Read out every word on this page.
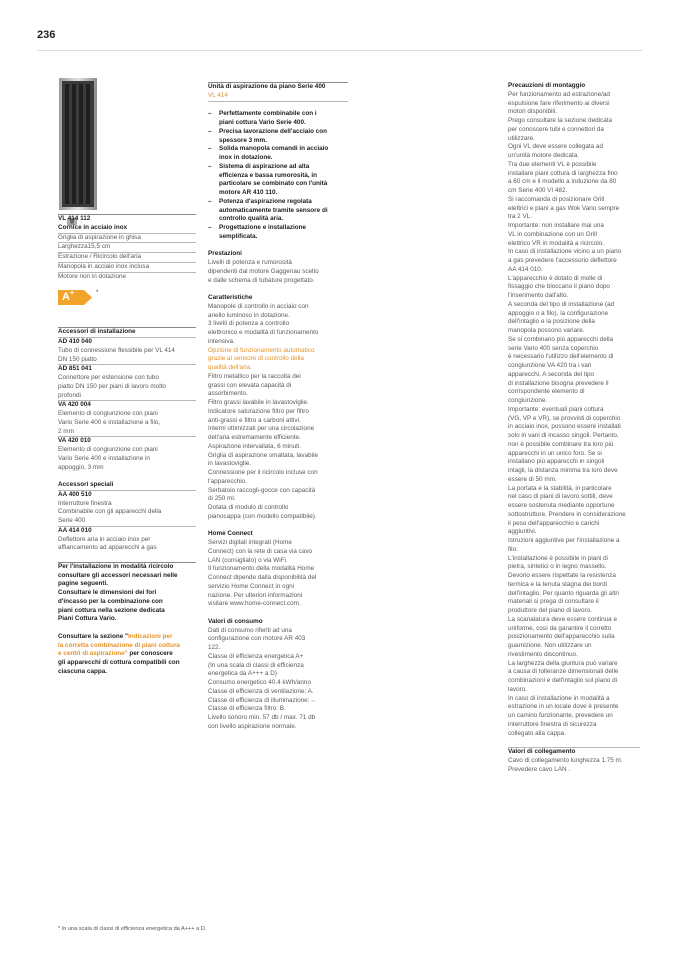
236

VL 414 112

Cornice in acciaio inox

Griglia di aspirazione in ghisa

Larghezza15,5 cm

Estrazione / Ricircolo dell'aria

Manopola in acciaio inox inclusa

Motore non in dotazione

A +	*

Accessori di installazione

AD 410 040

Tubo di connessione flessibile per VL 414

DN 150 piatto

AD 851 041

Connettore per estensione con tubo

piatto DN 150 per piani di lavoro molto

profondi

VA 420 004

Elemento di congiunzione con piani

Vario Serie 400 e installazione a filo,

2 mm

VA 420 010

Elemento di congiunzione con piani

Vario Serie 400 e installazione in

appoggio, 3 mm

Accessori speciali

AA 400 510

Interruttore finestra

Combinabile con gli apparecchi della

Serie 400

AA 414 010

Deflettore aria in acciaio inox per

affiancamento ad apparecchi a gas

Per l'installazione in modalità ricircolo

consultare gli accessori necessari nelle

pagine seguenti.

Consultare le dimensioni dei fori

d'incasso per la combinazione con

piani cottura nella sezione dedicata

Piani Cottura Vario.

Consultare la sezione "Indicazioni per

la corretta combinazione di piani cottura

e centri di aspirazione" per conoscere

gli apparecchi di cottura compatibili con

ciascuna cappa.

Unità di aspirazione da piano Serie 400

VL 414

–	Perfettamente combinabile con i
piani cottura Vario Serie 400.
–	Precisa lavorazione dell'acciaio con
spessore 3 mm.
–	Solida manopola comandi in acciaio
inox in dotazione.
–	Sistema di aspirazione ad alta
efficienza e bassa rumorosità, in
particolare se combinato con l'unità
motore AR 410 110.
–	Potenza d'aspirazione regolata
automaticamente tramite sensore di
controllo qualità aria.
–	Progettazione e installazione
semplificata.

Prestazioni

Livelli di potenza e rumorosità

dipendenti dal motore Gaggenau scelto

e dalle schema di tubature progettato.

Caratteristiche

Manopole di controllo in acciaio con

anello luminoso in dotazione.

3 livelli di potenza a controllo

elettronico e modalità di funzionamento

intensiva.

Opzione di funzionamento automatico

grazie al sensore di controllo della

qualità dell'aria.

Filtro metallico per la raccolta dei

grassi con elevata capacità di

assorbimento.

Filtro grassi lavabile in lavastoviglie.

Indicatore saturazione filtro per filtro

anti-grassi e filtro a carboni attivi.

Interni ottimizzati per una circolazione

dell'aria estremamente efficiente.

Aspirazione intervallata, 6 minuti.

Griglia di aspirazione smaltata, lavabile

in lavastoviglie.

Connessione per il ricircolo incluse con

l'apparecchio.

Serbatoio raccogli-gocce con capacità

di 250 ml.

Dotata di modulo di controllo

pianocappa (con modello compatibile).

Home Connect

Servizi digitali integrati (Home

Connect) con la rete di casa via cavo

LAN (consigliato) o via WiFi.

Il funzionamento della modalità Home

Connect dipende dalla disponibilità del

servizio Home Connect in ogni

nazione. Per ulteriori informazioni

visitare www.home-connect.com.

Valori di consumo

Dati di consumo riferiti ad una

configurazione con motore AR 403

122.

Classe di efficienza energetica A+

(In una scala di classi di efficienza

energetica da A+++ a D)

Consumo energetico 40.4 kWh/anno

Classe di efficienza di ventilazione: A.

Classe di efficienza di illuminazione: -.

Classe di efficienza filtro: B.

Livello sonoro min. 57 db / max. 71 db

con livello aspirazione normale.

Precauzioni di montaggio

Per funzionamento ad estrazione/ad

espulsione fare riferimento ai diversi

motori disponibili.

Prego consultare la sezione dedicata

per conoscere tubi e connettori da

utilizzare.

Ogni VL deve essere collegata ad

un'unità motore dedicata.

Tra due elementi VL è possibile

installare piani cottura di larghezza fino

a 60 cm e il modello a induzione da 80

cm Serie 400 VI 482.

Si raccomanda di posizionare Grill

elettrici e piani a gas Wok Vario sempre

tra 2 VL.

Importante: non installare mai una

VL in combinazione con un Grill

elettrico VR in modalità a ricircolo.

In caso di installazione vicino a un piano

a gas prevedere l'accessorio deflettore

AA 414 010.

L'apparecchio è dotato di molle di

fissaggio che bloccano il piano dopo

l'inserimento dall'alto.

A seconda del tipo di installazione (ad

appoggio o a filo), la configurazione

dell'intaglio e la posizione della

manopola possono variare.

Se si combinano più apparecchi della

serie Vario 400 senza coperchio

è necessario l'utilizzo dell'elemento di

congiunzione VA 420 tra i vari

apparecchi. A seconda del tipo

di installazione bisogna prevedere il

corrispondente elemento di

congiunzione.

Importante: eventuali piani cottura

(VG, VP e VR), se provvisti di coperchio

in acciaio inox, possono essere installati

solo in vani di incasso singoli. Pertanto,

non è possibile combinare tra loro più

apparecchi in un unico foro. Se si

installano più apparecchi in singoli

intagli, la distanza minima tra loro deve

essere di 50 mm.

La portata e la stabilità, in particolare

nel caso di piani di lavoro sottili, deve

essere sostenuta mediante opportune

sottostrutture. Prendere in considerazione

il peso dell'apparecchio e carichi

aggiuntivi.

Istruzioni aggiuntive per l'installazione a

filo:

L'installazione è possibile in piani di

pietra, sintetici o in legno massello.

Devono essere rispettate la resistenza

termica e la tenuta stagna dei bordi

dell'intaglio. Per quanto riguarda gli altri

materiali si prega di consultare il

produttore del piano di lavoro.

La scanalatura deve essere continua e

uniforme, così da garantire il corretto

posizionamento dell'apparecchio sulla

guarnizione. Non utilizzare un

rivestimento discontinuo.

La larghezza della giuntura può variare

a causa di tolleranze dimensionali delle

combinazioni e dell'intaglio sul piano di

lavoro.

In caso di installazione in modalità a

estrazione in un locale dove è presente

un camino funzionante, prevedere un

interruttore finestra di sicurezza

collegato alla cappa.

Valori di collegamento

Cavo di collegamento lunghezza 1.75 m.

Prevedere cavo LAN .

* In una scala di classi di efficienza energetica da A+++ a D.
